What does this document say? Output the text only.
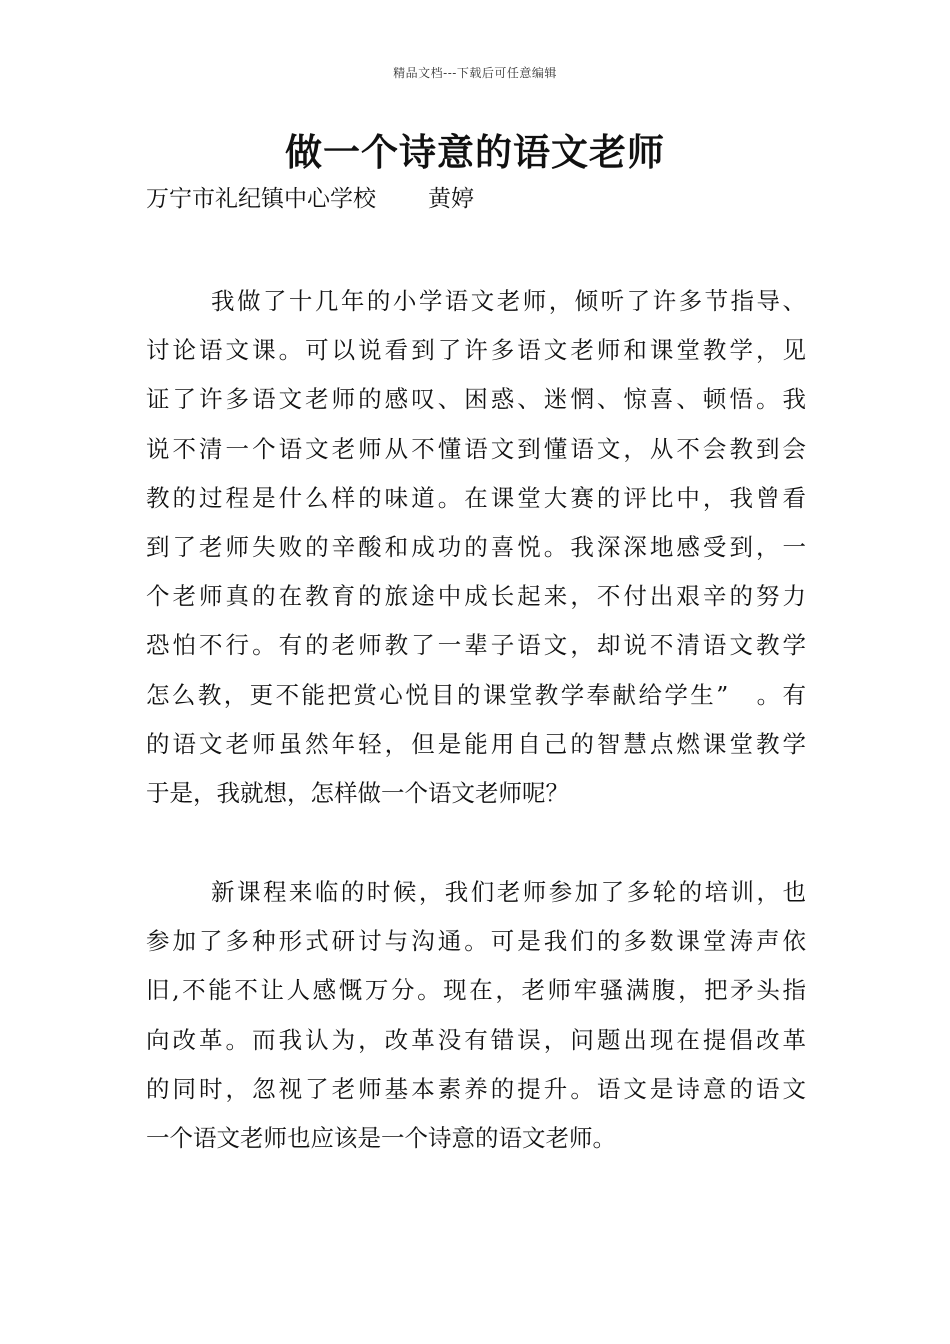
精品文档---下载后可任意编辑
做一个诗意的语文老师
万宁市礼纪镇中心学校 黄婷

我做了十几年的小学语文老师，倾听了许多节指导、
讨论语文课。可以说看到了许多语文老师和课堂教学，见
证了许多语文老师的感叹、困惑、迷惘、惊喜、顿悟。我
说不清一个语文老师从不懂语文到懂语文，从不会教到会
教的过程是什么样的味道。在课堂大赛的评比中，我曾看
到了老师失败的辛酸和成功的喜悦。我深深地感受到，一
个老师真的在教育的旅途中成长起来，不付出艰辛的努力
恐怕不行。有的老师教了一辈子语文，却说不清语文教学
怎么教，更不能把赏心悦目的课堂教学奉献给学生”　。有
的语文老师虽然年轻，但是能用自己的智慧点燃课堂教学
于是，我就想，怎样做一个语文老师呢？

新课程来临的时候，我们老师参加了多轮的培训，也
参加了多种形式研讨与沟通。可是我们的多数课堂涛声依
旧,不能不让人感慨万分。现在，老师牢骚满腹，把矛头指
向改革。而我认为，改革没有错误，问题出现在提倡改革
的同时，忽视了老师基本素养的提升。语文是诗意的语文
一个语文老师也应该是一个诗意的语文老师。
